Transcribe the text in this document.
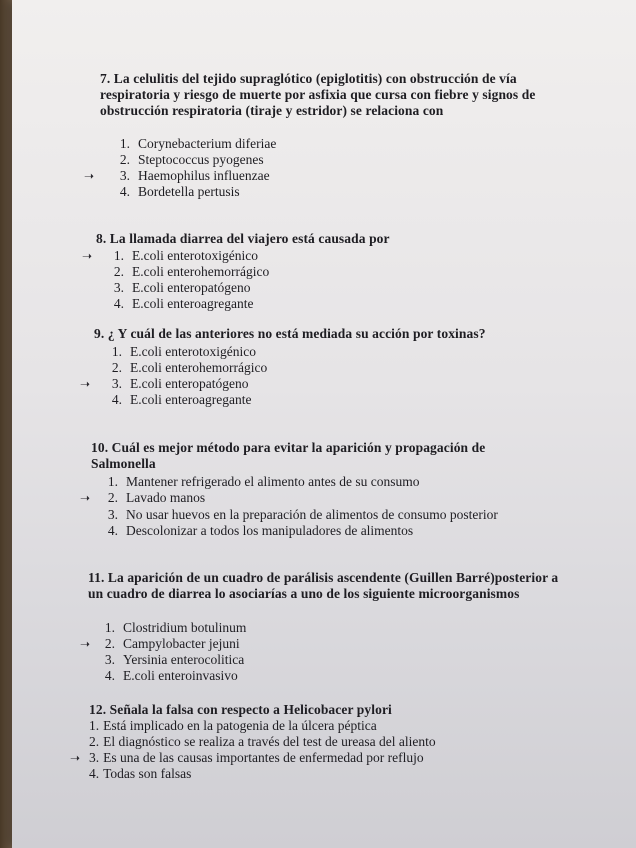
7. La celulitis del tejido supraglótico (epiglotitis) con obstrucción de vía respiratoria y riesgo de muerte por asfixia que cursa con fiebre y signos de obstrucción respiratoria (tiraje y estridor) se relaciona con
1. Corynebacterium diferiae
2. Steptococcus pyogenes
➝	3. Haemophilus influenzae
4. Bordetella pertusis
8. La llamada diarrea del viajero está causada por
➝	1. E.coli enterotoxigénico
2. E.coli enterohemorrágico
3. E.coli enteropatógeno
4. E.coli enteroagregante
9. ¿ Y cuál de las anteriores no está mediada su acción por toxinas?
1. E.coli enterotoxigénico
2. E.coli enterohemorrágico
➝	3. E.coli enteropatógeno
4. E.coli enteroagregante
10. Cuál es mejor método para evitar la aparición y propagación de Salmonella
1. Mantener refrigerado el alimento antes de su consumo
➝	2. Lavado manos
3. No usar huevos en la preparación de alimentos de consumo posterior
4. Descolonizar a todos los manipuladores de alimentos
11. La aparición de un cuadro de parálisis ascendente (Guillen Barré)posterior a un cuadro de diarrea lo asociarías a uno de los siguiente microorganismos
1. Clostridium botulinum
➝	2. Campylobacter jejuni
3. Yersinia enterocolitica
4. E.coli enteroinvasivo
12. Señala la falsa con respecto a Helicobacer pylori
1. Está implicado en la patogenia de la úlcera péptica
2. El diagnóstico se realiza a través del test de ureasa del aliento
➝ 3. Es una de las causas importantes de enfermedad por reflujo
4. Todas son falsas
